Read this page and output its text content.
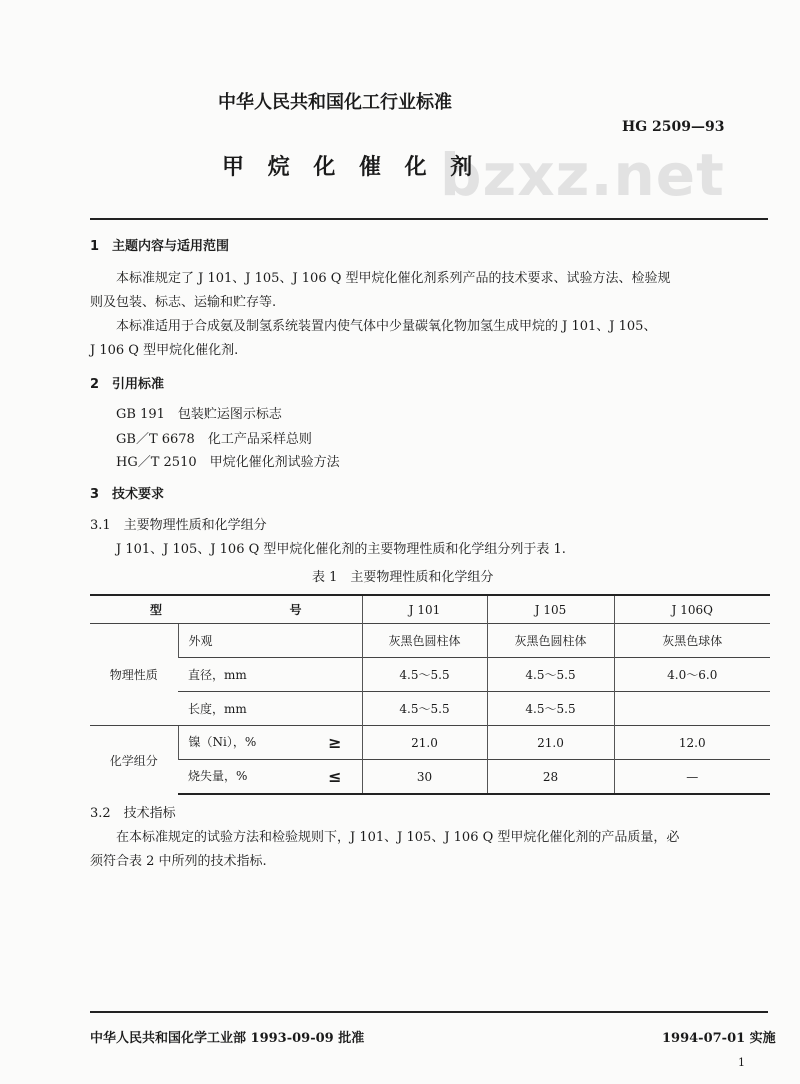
bzxz.net
中华人民共和国化工行业标准
HG 2509—93
甲 烷 化 催 化 剂
1　主题内容与适用范围
本标准规定了 J 101、J 105、J 106 Q 型甲烷化催化剂系列产品的技术要求、试验方法、检验规
则及包装、标志、运输和贮存等.
本标准适用于合成氨及制氢系统装置内使气体中少量碳氧化物加氢生成甲烷的 J 101、J 105、
J 106 Q 型甲烷化催化剂.
2　引用标准
GB 191　包装贮运图示标志
GB／T 6678　化工产品采样总则
HG／T 2510　甲烷化催化剂试验方法
3　技术要求
3.1　主要物理性质和化学组分
J 101、J 105、J 106 Q 型甲烷化催化剂的主要物理性质和化学组分列于表 1.
表 1　主要物理性质和化学组分
型 号		J 101	J 105	J 106Q
物理性质	外观	灰黑色圆柱体	灰黑色圆柱体	灰黑色球体
	直径，mm	4.5～5.5	4.5～5.5	4.0～6.0
	长度，mm	4.5～5.5	4.5～5.5	
化学组分	镍（Ni），% ≥	21.0	21.0	12.0
	烧失量，% ≤	30	28	—
3.2　技术指标
在本标准规定的试验方法和检验规则下，J 101、J 105、J 106 Q 型甲烷化催化剂的产品质量，必
须符合表 2 中所列的技术指标.
中华人民共和国化学工业部 1993-09-09 批准	1994-07-01 实施
1
